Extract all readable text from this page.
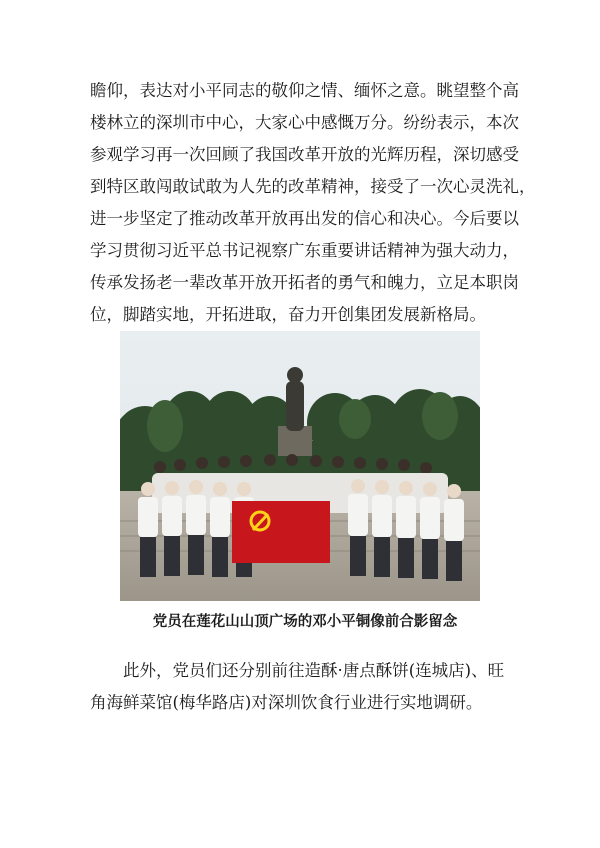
瞻仰，表达对小平同志的敬仰之情、缅怀之意。眺望整个高
楼林立的深圳市中心，大家心中感慨万分。纷纷表示，本次
参观学习再一次回顾了我国改革开放的光辉历程，深切感受
到特区敢闯敢试敢为人先的改革精神，接受了一次心灵洗礼，
进一步坚定了推动改革开放再出发的信心和决心。今后要以
学习贯彻习近平总书记视察广东重要讲话精神为强大动力，
传承发扬老一辈改革开放开拓者的勇气和魄力，立足本职岗
位，脚踏实地，开拓进取，奋力开创集团发展新格局。

党员在莲花山山顶广场的邓小平铜像前合影留念

此外，党员们还分别前往造酥·唐点酥饼(连城店)、旺
角海鲜菜馆(梅华路店)对深圳饮食行业进行实地调研。
